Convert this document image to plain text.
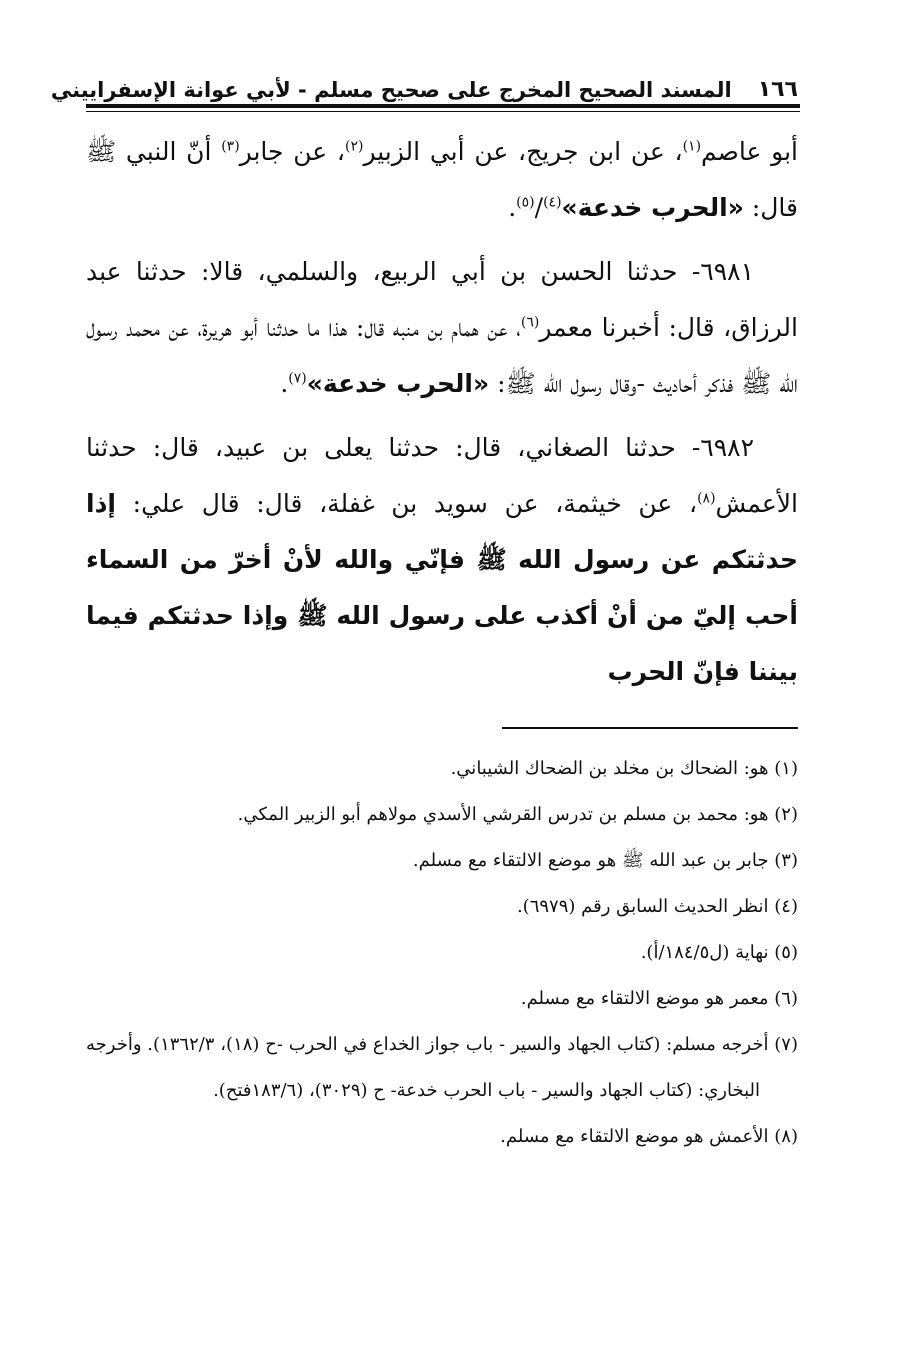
١٦٦
المسند الصحيح المخرج على صحيح مسلم - لأبي عوانة الإسفراييني

أبو عاصم$^{(١)}$، عن ابن جريج، عن أبي الزبير$^{(٢)}$، عن جابر$^{(٣)}$ أنّ النبي ﷺ قال: «الحرب خدعة»$^{(٤)}$/$^{(٥)}$.

٦٩٨١- حدثنا الحسن بن أبي الربيع، والسلمي، قالا: حدثنا عبد الرزاق، قال: أخبرنا معمر$^{(٦)}$، عن همام بن منبه قال: هذا ما حدثنا أبو هريرة، عن محمد رسول الله ﷺ فذكر أحاديث -وقال رسول الله ﷺ: «الحرب خدعة»$^{(٧)}$.

٦٩٨٢- حدثنا الصغاني، قال: حدثنا يعلى بن عبيد، قال: حدثنا الأعمش$^{(٨)}$، عن خيثمة، عن سويد بن غفلة، قال: قال علي: إذا حدثتكم عن رسول الله ﷺ فإنّي والله لأنْ أخرّ من السماء أحب إليّ من أنْ أكذب على رسول الله ﷺ وإذا حدثتكم فيما بيننا فإنّ الحرب

(١) هو: الضحاك بن مخلد بن الضحاك الشيباني.

(٢) هو: محمد بن مسلم بن تدرس القرشي الأسدي مولاهم أبو الزبير المكي.

(٣) جابر بن عبد الله ﷺ هو موضع الالتقاء مع مسلم.

(٤) انظر الحديث السابق رقم (٦٩٧٩).

(٥) نهاية (ل١٨٤/٥/أ).

(٦) معمر هو موضع الالتقاء مع مسلم.

(٧) أخرجه مسلم: (كتاب الجهاد والسير - باب جواز الخداع في الحرب -ح (١٨)، ١٣٦٢/٣). وأخرجه البخاري: (كتاب الجهاد والسير - باب الحرب خدعة- ح (٣٠٢٩)، (١٨٣/٦فتح).

(٨) الأعمش هو موضع الالتقاء مع مسلم.
